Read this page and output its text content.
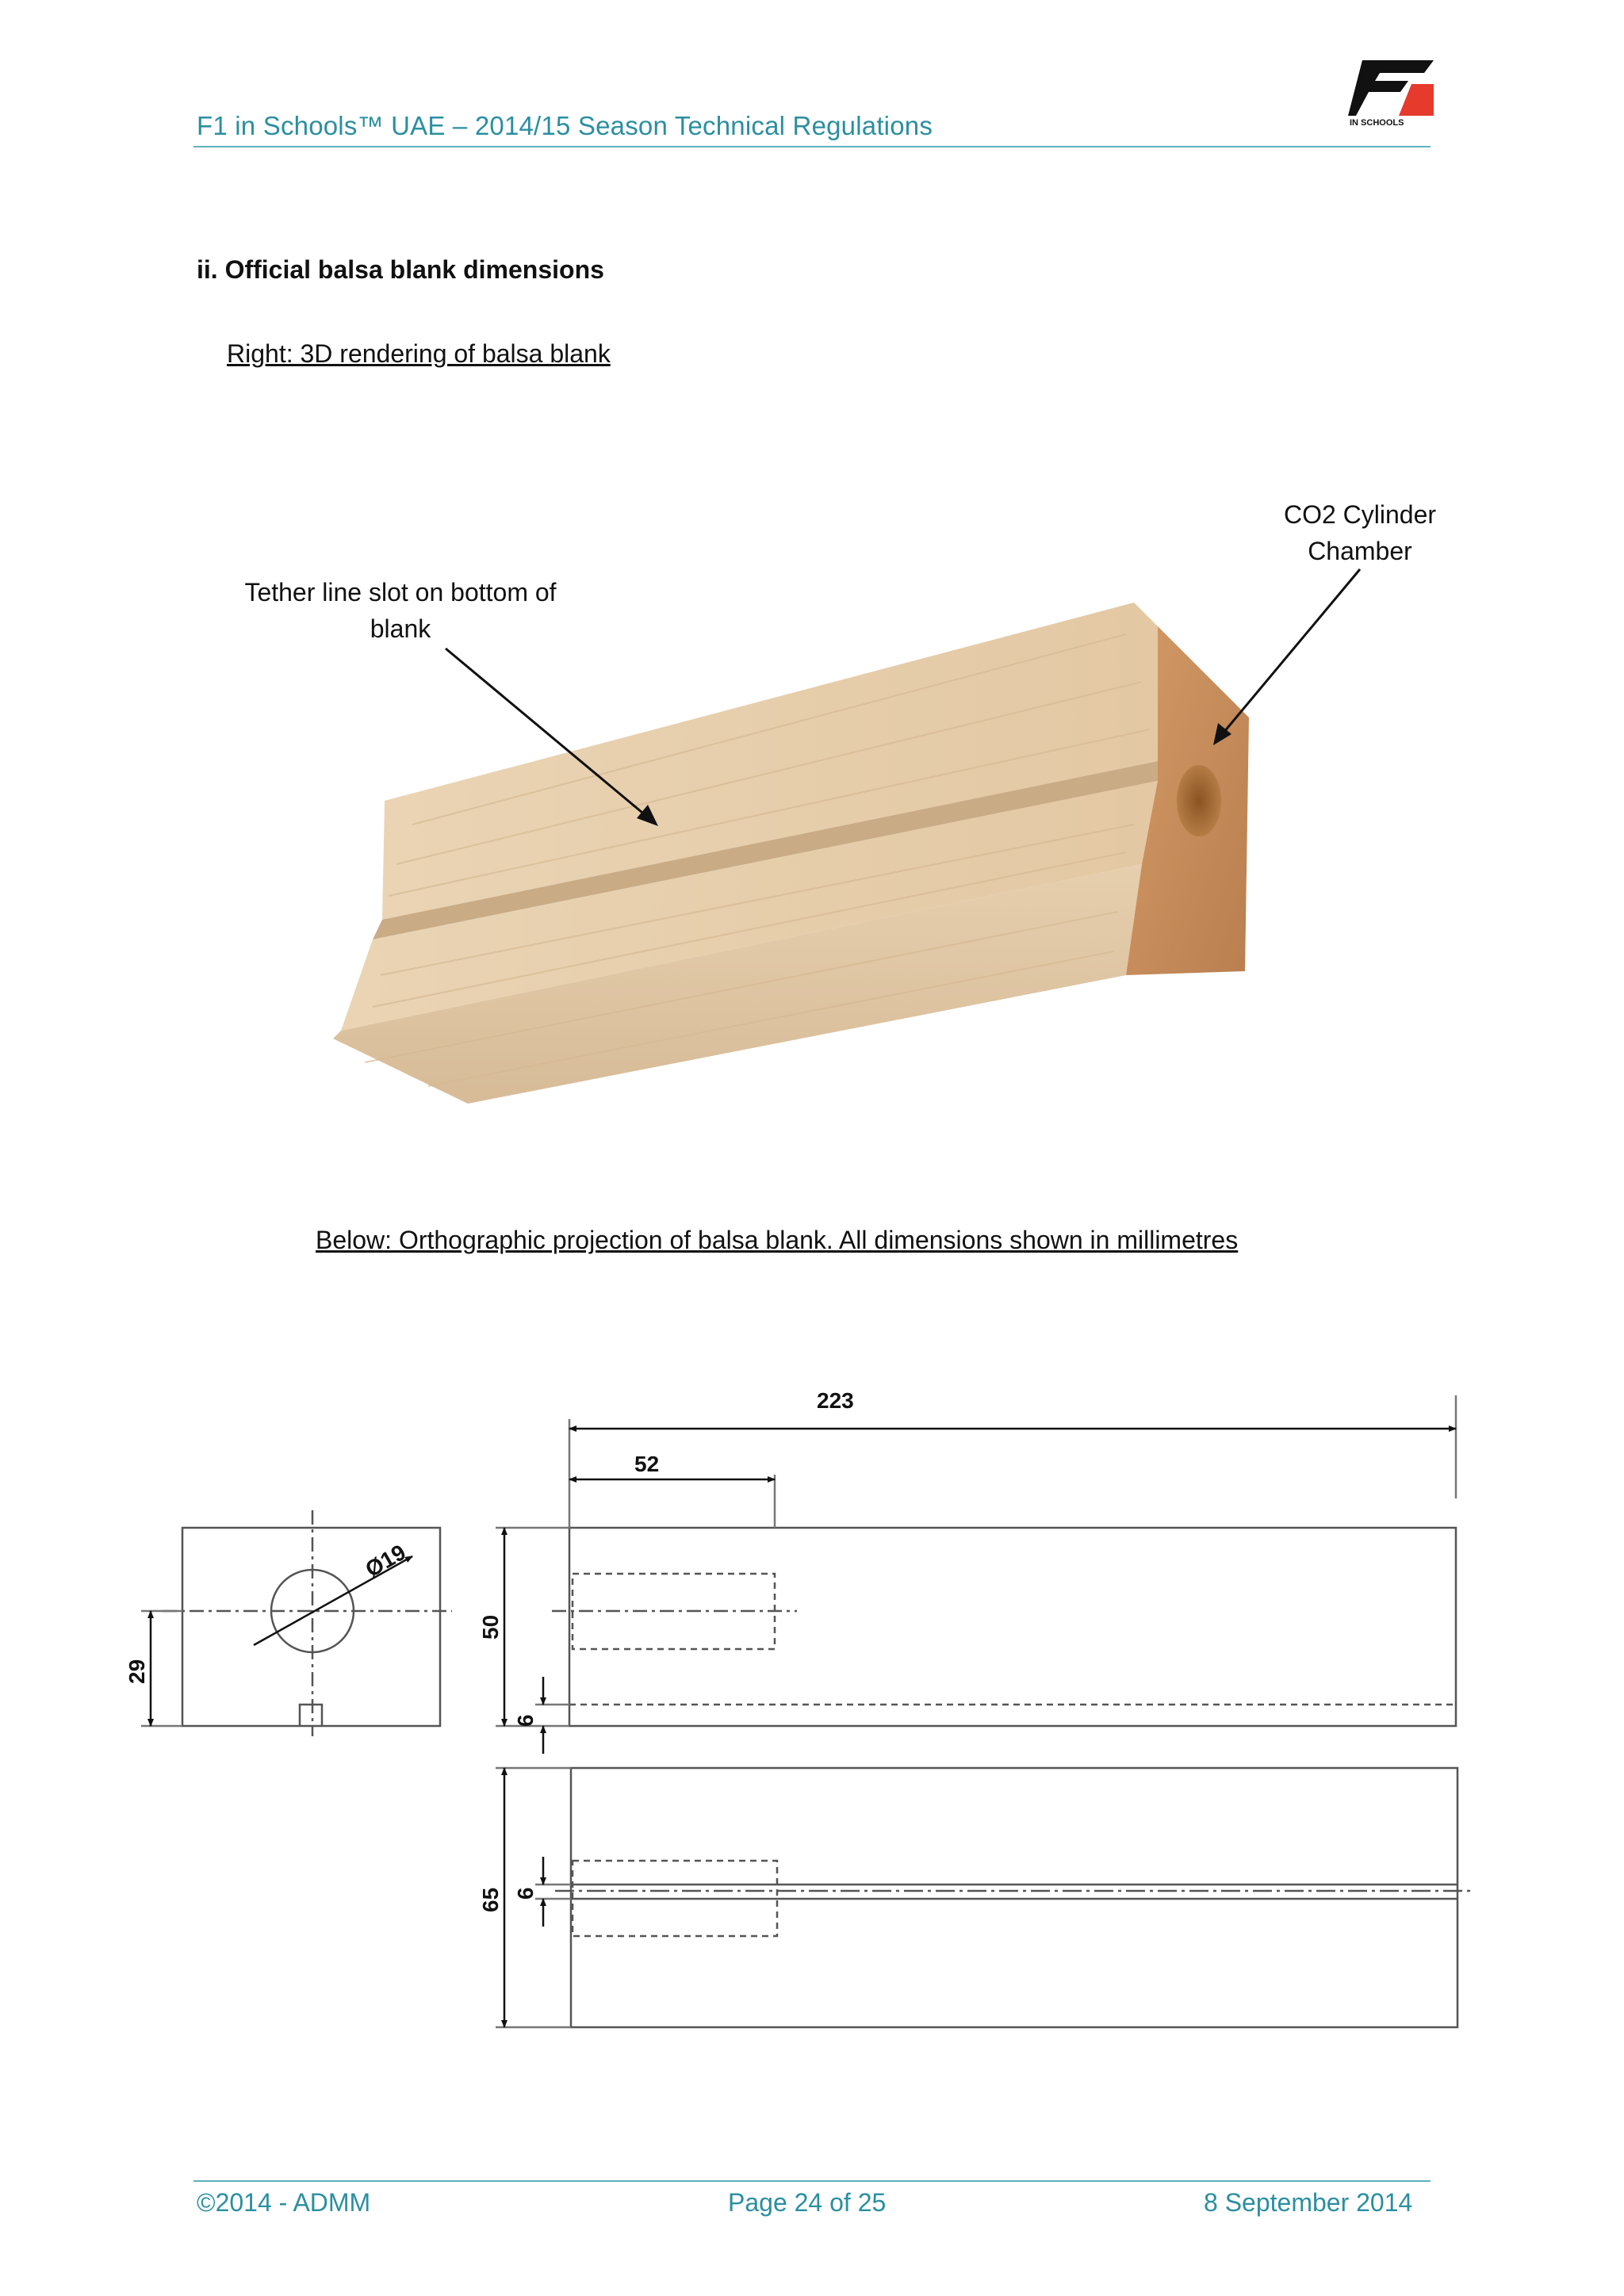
F1 in Schools™ UAE – 2014/15 Season Technical Regulations	IN SCHOOLS
ii. Official balsa blank dimensions
Right: 3D rendering of balsa blank
CO2 Cylinder
Chamber
Tether line slot on bottom of
blank
Below: Orthographic projection of balsa blank. All dimensions shown in millimetres
223
52
Ø19
29
50
6
65 6
©2014 - ADMM	Page 24 of 25	8 September 2014
